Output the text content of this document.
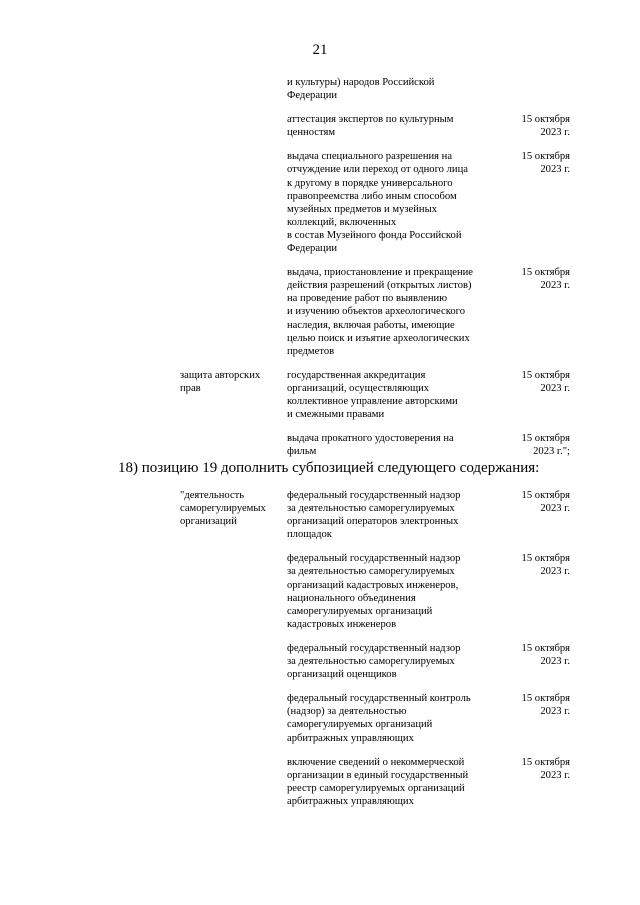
21
и культуры) народов Российской
Федерации
аттестация экспертов по культурным
ценностям
15 октября
2023 г.
выдача специального разрешения на
отчуждение или переход от одного лица
к другому в порядке универсального
правопреемства либо иным способом
музейных предметов и музейных
коллекций, включенных
в состав Музейного фонда Российской
Федерации
15 октября
2023 г.
выдача, приостановление и прекращение
действия разрешений (открытых листов)
на проведение работ по выявлению
и изучению объектов археологического
наследия, включая работы, имеющие
целью поиск и изъятие археологических
предметов
15 октября
2023 г.
защита авторских
прав
государственная аккредитация
организаций, осуществляющих
коллективное управление авторскими
и смежными правами
15 октября
2023 г.
выдача прокатного удостоверения на
фильм
15 октября
2023 г.";
18) позицию 19 дополнить субпозицией следующего содержания:
"деятельность
саморегулируемых
организаций
федеральный государственный надзор
за деятельностью саморегулируемых
организаций операторов электронных
площадок
15 октября
2023 г.
федеральный государственный надзор
за деятельностью саморегулируемых
организаций кадастровых инженеров,
национального объединения
саморегулируемых организаций
кадастровых инженеров
15 октября
2023 г.
федеральный государственный надзор
за деятельностью саморегулируемых
организаций оценщиков
15 октября
2023 г.
федеральный государственный контроль
(надзор) за деятельностью
саморегулируемых организаций
арбитражных управляющих
15 октября
2023 г.
включение сведений о некоммерческой
организации в единый государственный
реестр саморегулируемых организаций
арбитражных управляющих
15 октября
2023 г.
